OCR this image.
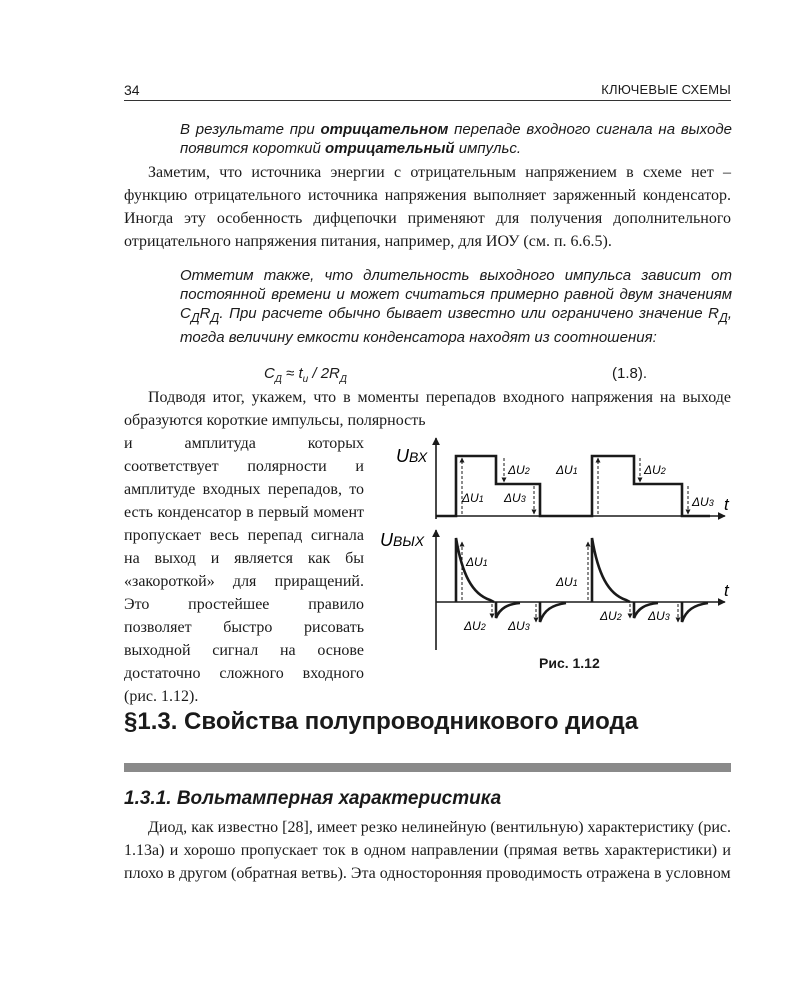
34	КЛЮЧЕВЫЕ СХЕМЫ
В результате при отрицательном перепаде входного сигнала на выходе появится короткий отрицательный импульс.
Заметим, что источника энергии с отрицательным напряжением в схеме нет – функцию отрицательного источника напряжения выполняет заряженный конденсатор. Иногда эту особенность дифцепочки применяют для получения дополнительного отрицательного напряжения питания, например, для ИОУ (см. п. 6.6.5).
Отметим также, что длительность выходного импульса зависит от постоянной времени и может считаться примерно равной двум значениям $C_ДR_Д$. При расчете обычно бывает известно или ограничено значение $R_Д$, тогда величину емкости конденсатора находят из соотношения:
$C_Д \approx t_и / 2R_Д$	(1.8).
Подводя итог, укажем, что в моменты перепадов входного напряжения на выходе образуются короткие импульсы, полярность
и амплитуда которых соответствует полярности и амплитуде входных перепадов, то есть конденсатор в первый момент пропускает весь перепад сигнала на выход и является как бы «закороткой» для приращений. Это простейшее правило позволяет быстро рисовать выходной сигнал на основе достаточно сложного входного (рис. 1.12).
UВХ
t
ΔU1
ΔU2
ΔU3
ΔU1	ΔU2
ΔU3
UВЫХ
t
ΔU1
ΔU2 ΔU3
ΔU1
ΔU2 ΔU3
Рис. 1.12
§1.3. Свойства полупроводникового диода
1.3.1. Вольтамперная характеристика
Диод, как известно [28], имеет резко нелинейную (вентильную) характеристику (рис. 1.13а) и хорошо пропускает ток в одном направлении (прямая ветвь характеристики) и плохо в другом (обратная ветвь). Эта односторонняя проводимость отражена в условном
